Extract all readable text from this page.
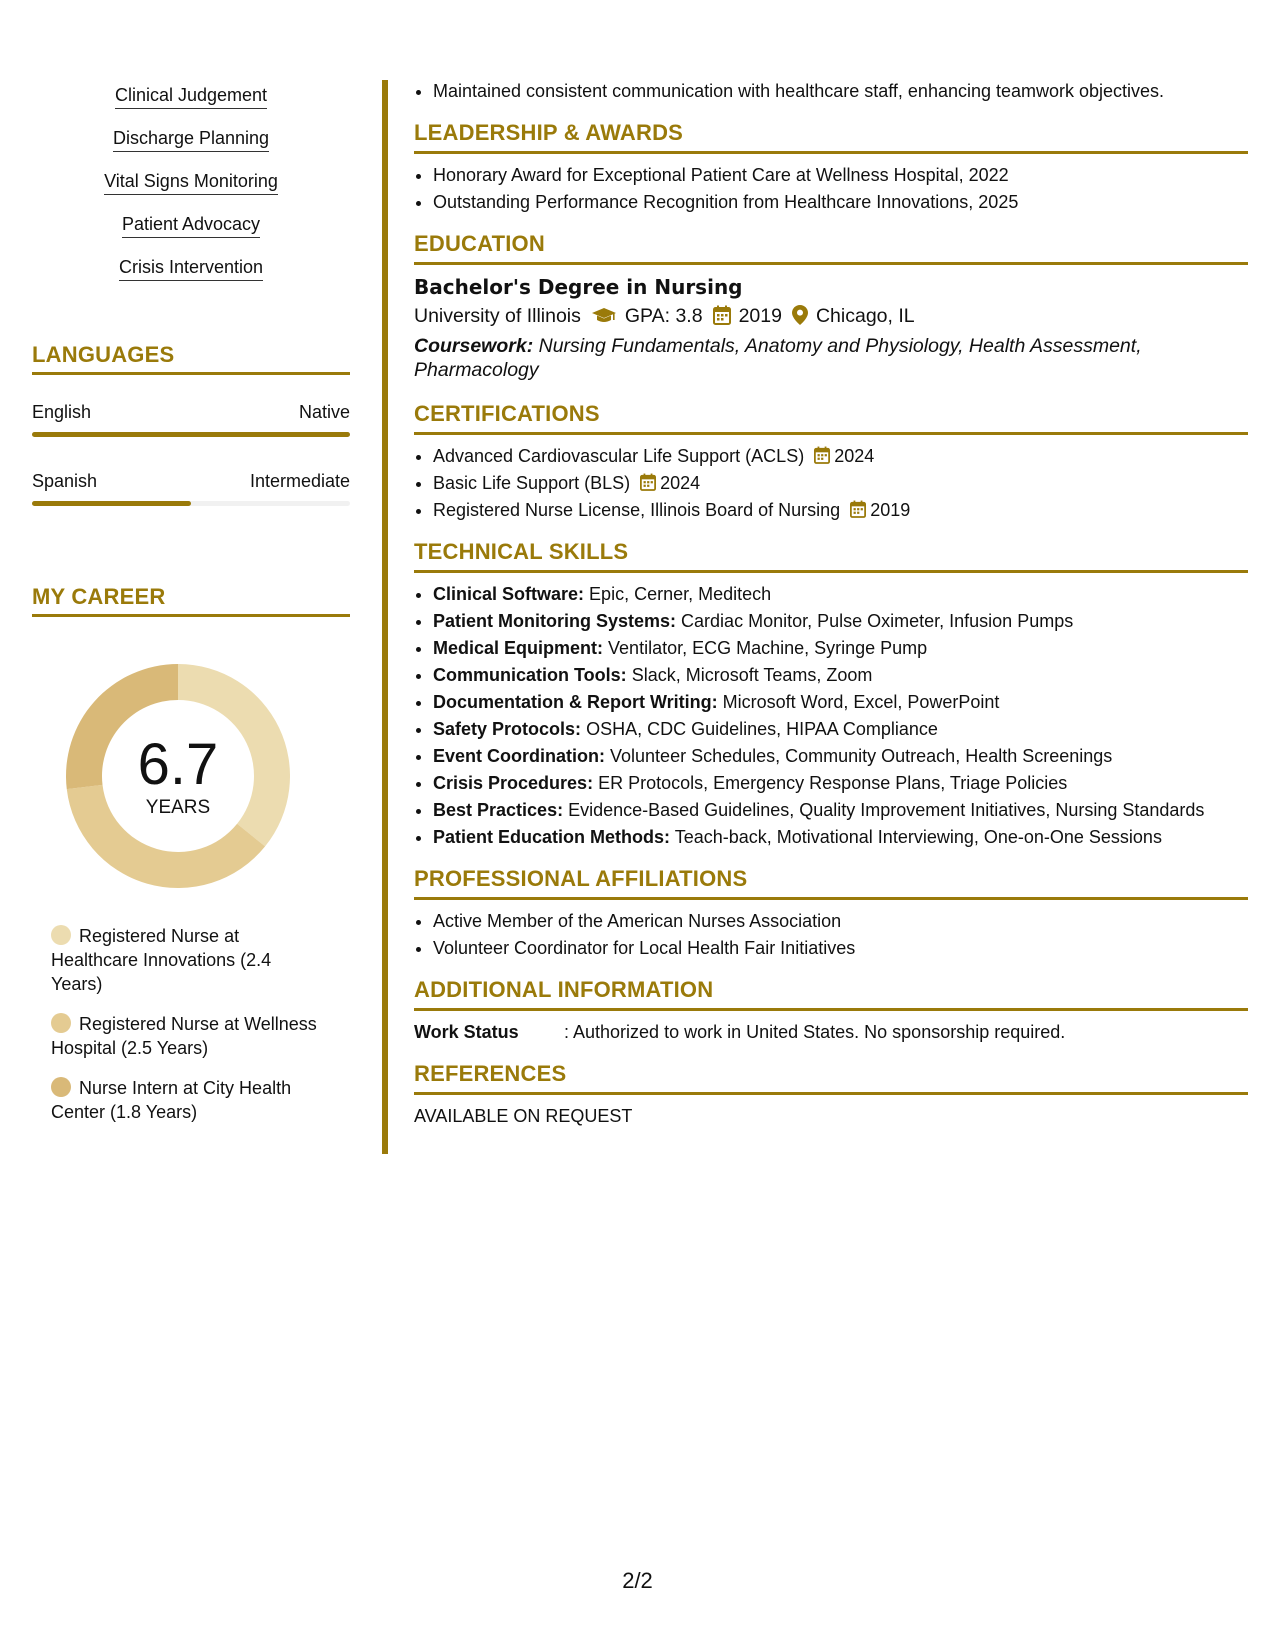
Clinical Judgement
Discharge Planning
Vital Signs Monitoring
Patient Advocacy
Crisis Intervention
LANGUAGES
English	Native
Spanish	Intermediate
MY CAREER
6.7
YEARS
Registered Nurse at Healthcare Innovations (2.4 Years)
Registered Nurse at Wellness Hospital (2.5 Years)
Nurse Intern at City Health Center (1.8 Years)
• Maintained consistent communication with healthcare staff, enhancing teamwork objectives.
LEADERSHIP & AWARDS
• Honorary Award for Exceptional Patient Care at Wellness Hospital, 2022
• Outstanding Performance Recognition from Healthcare Innovations, 2025
EDUCATION
Bachelor's Degree in Nursing
University of Illinois GPA: 3.8 2019 Chicago, IL
Coursework: Nursing Fundamentals, Anatomy and Physiology, Health Assessment, Pharmacology
CERTIFICATIONS
• Advanced Cardiovascular Life Support (ACLS) 2024
• Basic Life Support (BLS) 2024
• Registered Nurse License, Illinois Board of Nursing 2019
TECHNICAL SKILLS
• Clinical Software: Epic, Cerner, Meditech
• Patient Monitoring Systems: Cardiac Monitor, Pulse Oximeter, Infusion Pumps
• Medical Equipment: Ventilator, ECG Machine, Syringe Pump
• Communication Tools: Slack, Microsoft Teams, Zoom
• Documentation & Report Writing: Microsoft Word, Excel, PowerPoint
• Safety Protocols: OSHA, CDC Guidelines, HIPAA Compliance
• Event Coordination: Volunteer Schedules, Community Outreach, Health Screenings
• Crisis Procedures: ER Protocols, Emergency Response Plans, Triage Policies
• Best Practices: Evidence-Based Guidelines, Quality Improvement Initiatives, Nursing Standards
• Patient Education Methods: Teach-back, Motivational Interviewing, One-on-One Sessions
PROFESSIONAL AFFILIATIONS
• Active Member of the American Nurses Association
• Volunteer Coordinator for Local Health Fair Initiatives
ADDITIONAL INFORMATION
Work Status	: Authorized to work in United States. No sponsorship required.
REFERENCES
AVAILABLE ON REQUEST
2/2
